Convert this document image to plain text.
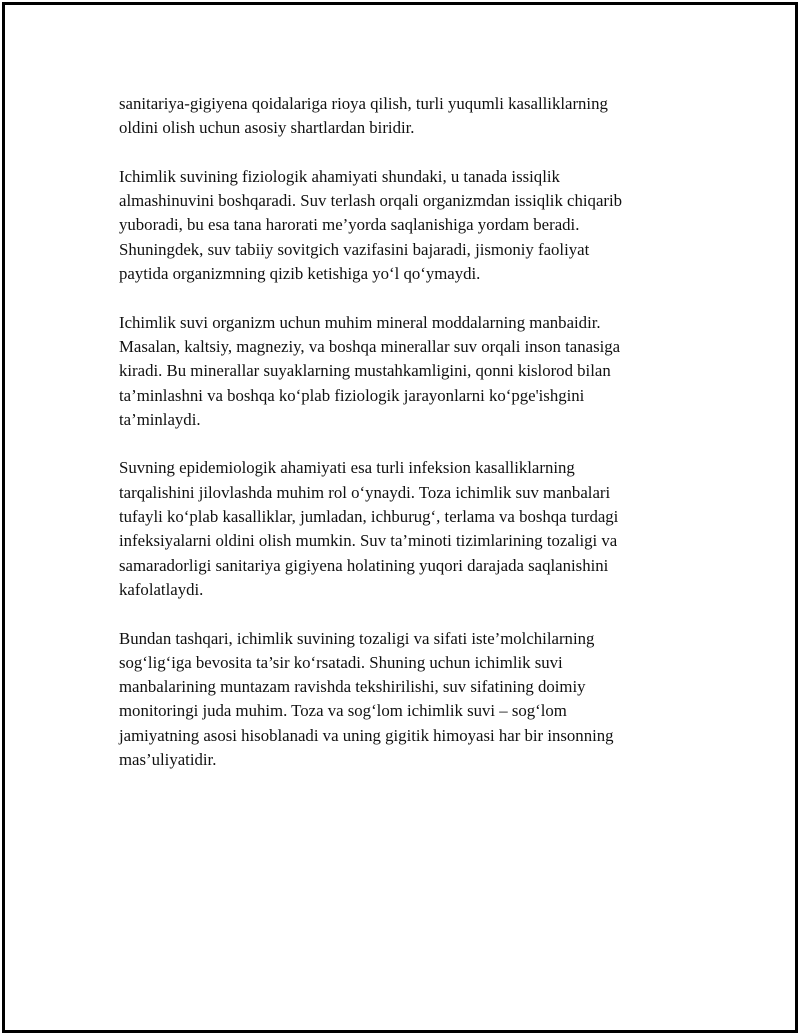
sanitariya-gigiyena qoidalariga rioya qilish, turli yuqumli kasalliklarning
oldini olish uchun asosiy shartlardan biridir.

Ichimlik suvining fiziologik ahamiyati shundaki, u tanada issiqlik
almashinuvini boshqaradi. Suv terlash orqali organizmdan issiqlik chiqarib
yuboradi, bu esa tana harorati me’yorda saqlanishiga yordam beradi.
Shuningdek, suv tabiiy sovitgich vazifasini bajaradi, jismoniy faoliyat
paytida organizmning qizib ketishiga yo‘l qo‘ymaydi.

Ichimlik suvi organizm uchun muhim mineral moddalarning manbaidir.
Masalan, kaltsiy, magneziy, va boshqa minerallar suv orqali inson tanasiga
kiradi. Bu minerallar suyaklarning mustahkamligini, qonni kislorod bilan
ta’minlashni va boshqa ko‘plab fiziologik jarayonlarni ko‘pge'ishgini
ta’minlaydi.

Suvning epidemiologik ahamiyati esa turli infeksion kasalliklarning
tarqalishini jilovlashda muhim rol o‘ynaydi. Toza ichimlik suv manbalari
tufayli ko‘plab kasalliklar, jumladan, ichburug‘, terlama va boshqa turdagi
infeksiyalarni oldini olish mumkin. Suv ta’minoti tizimlarining tozaligi va
samaradorligi sanitariya gigiyena holatining yuqori darajada saqlanishini
kafolatlaydi.

Bundan tashqari, ichimlik suvining tozaligi va sifati iste’molchilarning
sog‘lig‘iga bevosita ta’sir ko‘rsatadi. Shuning uchun ichimlik suvi
manbalarining muntazam ravishda tekshirilishi, suv sifatining doimiy
monitoringi juda muhim. Toza va sog‘lom ichimlik suvi – sog‘lom
jamiyatning asosi hisoblanadi va uning gigitik himoyasi har bir insonning
mas’uliyatidir.
